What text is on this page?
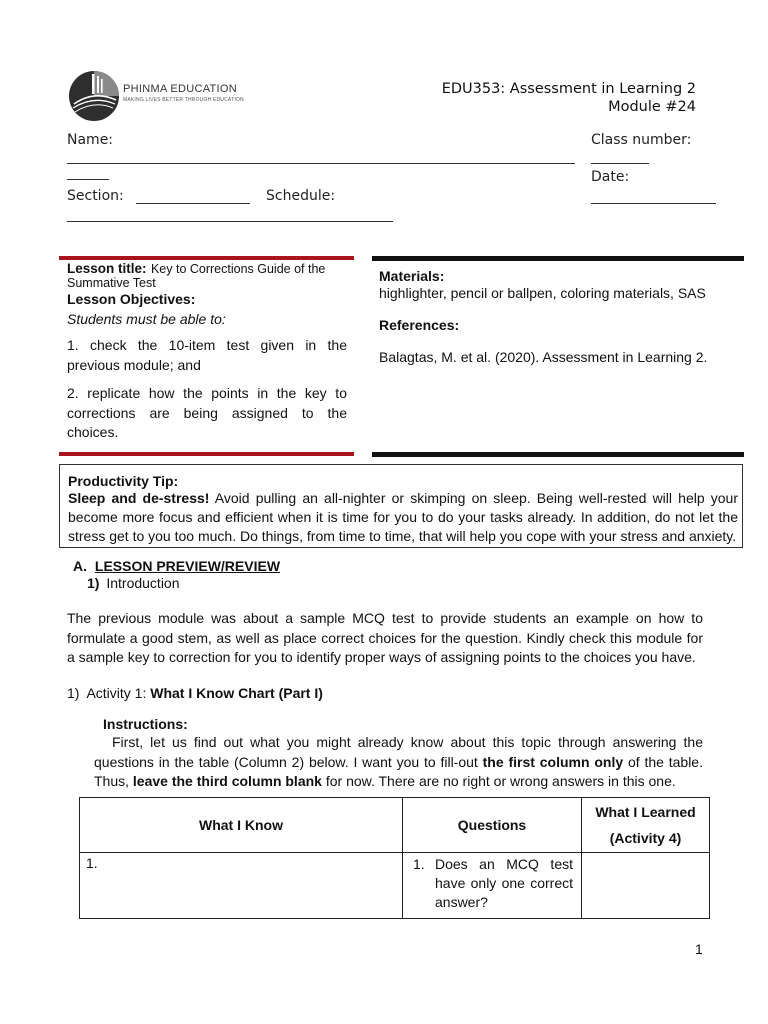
PHINMA EDUCATION
MAKING LIVES BETTER THROUGH EDUCATION
EDU353: Assessment in Learning 2
Module #24
Name:	Class number:
Date:
Section:	Schedule:
Lesson title: Key to Corrections Guide of the Summative Test
Lesson Objectives:
Students must be able to:
1. check the 10-item test given in the previous module; and
2. replicate how the points in the key to corrections are being assigned to the choices.
Materials:
highlighter, pencil or ballpen, coloring materials, SAS
References:
Balagtas, M. et al. (2020). Assessment in Learning 2.
Productivity Tip:
Sleep and de-stress! Avoid pulling an all-nighter or skimping on sleep. Being well-rested will help your become more focus and efficient when it is time for you to do your tasks already. In addition, do not let the stress get to you too much. Do things, from time to time, that will help you cope with your stress and anxiety.
A. LESSON PREVIEW/REVIEW
1) Introduction
The previous module was about a sample MCQ test to provide students an example on how to formulate a good stem, as well as place correct choices for the question. Kindly check this module for a sample key to correction for you to identify proper ways of assigning points to the choices you have.
1)  Activity 1: What I Know Chart (Part I)
Instructions:
First, let us find out what you might already know about this topic through answering the questions in the table (Column 2) below. I want you to fill-out the first column only of the table. Thus, leave the third column blank for now. There are no right or wrong answers in this one.
What I Know	Questions	What I Learned
(Activity 4)

1.	1. Does an MCQ test have only one correct answer?	

1
